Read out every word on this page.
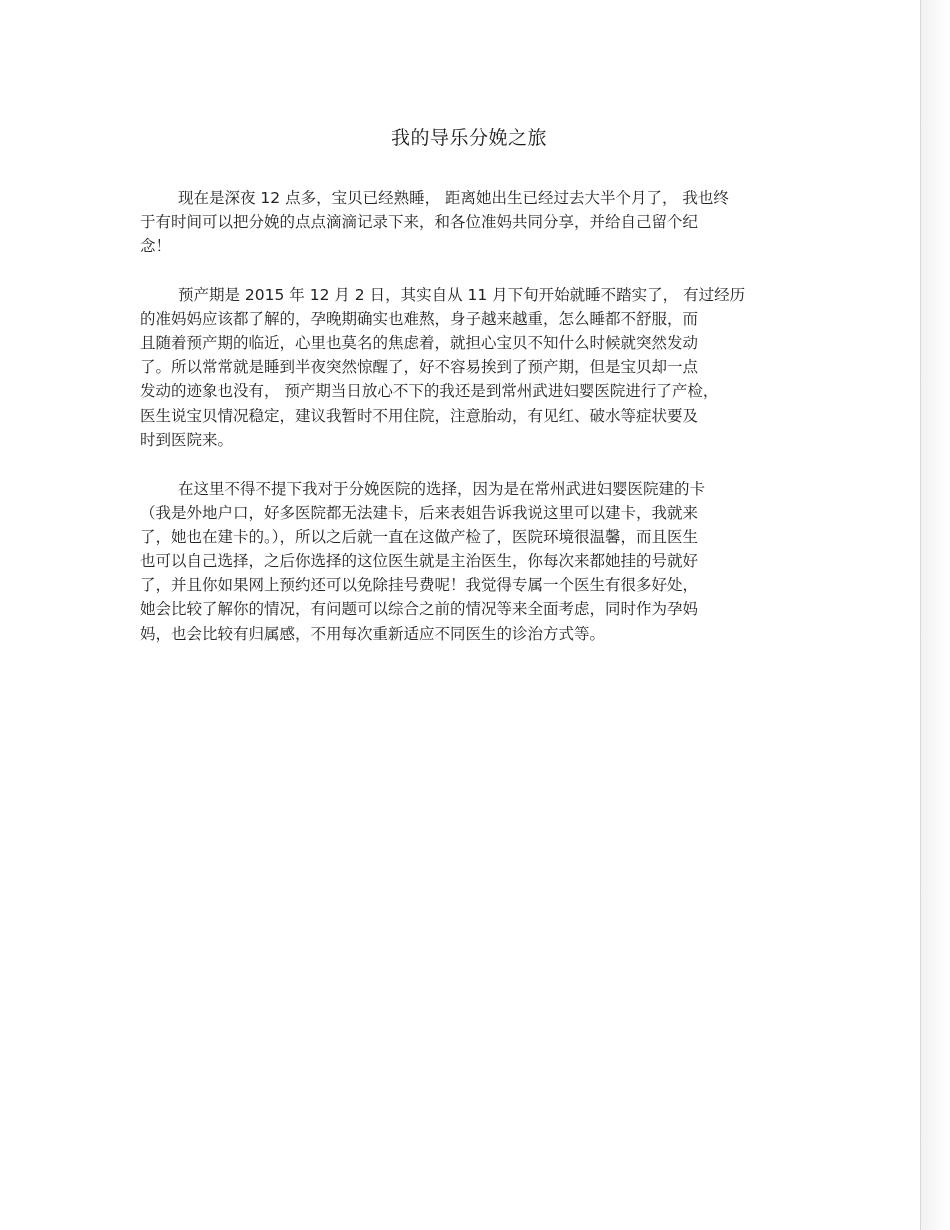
我的导乐分娩之旅
现在是深夜 12 点多，宝贝已经熟睡， 距离她出生已经过去大半个月了， 我也终
于有时间可以把分娩的点点滴滴记录下来，和各位准妈共同分享，并给自己留个纪
念！
预产期是 2015 年 12 月 2 日，其实自从 11 月下旬开始就睡不踏实了， 有过经历
的准妈妈应该都了解的，孕晚期确实也难熬，身子越来越重，怎么睡都不舒服，而
且随着预产期的临近，心里也莫名的焦虑着，就担心宝贝不知什么时候就突然发动
了。所以常常就是睡到半夜突然惊醒了，好不容易挨到了预产期，但是宝贝却一点
发动的迹象也没有， 预产期当日放心不下的我还是到常州武进妇婴医院进行了产检，
医生说宝贝情况稳定，建议我暂时不用住院，注意胎动，有见红、破水等症状要及
时到医院来。
在这里不得不提下我对于分娩医院的选择，因为是在常州武进妇婴医院建的卡
（我是外地户口，好多医院都无法建卡，后来表姐告诉我说这里可以建卡，我就来
了，她也在建卡的。），所以之后就一直在这做产检了，医院环境很温馨，而且医生
也可以自己选择，之后你选择的这位医生就是主治医生，你每次来都她挂的号就好
了，并且你如果网上预约还可以免除挂号费呢！我觉得专属一个医生有很多好处，
她会比较了解你的情况，有问题可以综合之前的情况等来全面考虑，同时作为孕妈
妈，也会比较有归属感，不用每次重新适应不同医生的诊治方式等。
